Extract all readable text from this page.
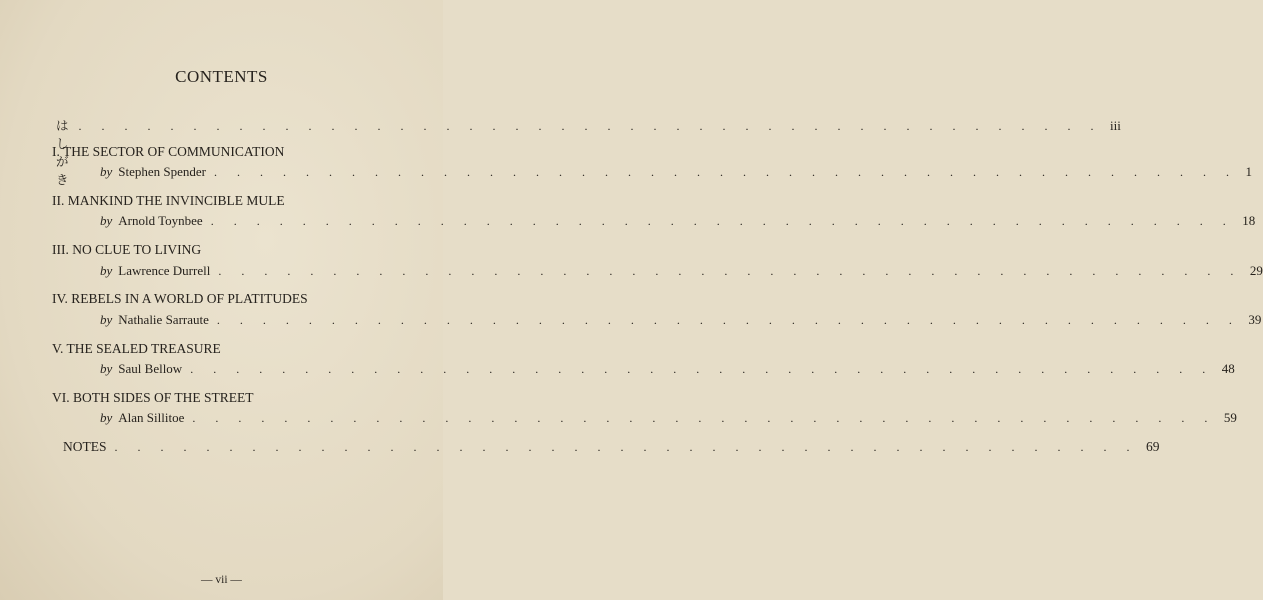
CONTENTS
はしがき
. . . . . . . . . . . . . . . . . . . . . . . . . . . . . . . . . . . . . . . . . . . . . iii
I. THE SECTOR OF COMMUNICATION
by Stephen Spender . . . . . . . . . . . . . . . . . . . . . . . . . . . . . . . . . . . . . . . . . . . . . 1
II. MANKIND THE INVINCIBLE MULE
by Arnold Toynbee . . . . . . . . . . . . . . . . . . . . . . . . . . . . . . . . . . . . . . . . . . . . . 18
III. NO CLUE TO LIVING
by Lawrence Durrell . . . . . . . . . . . . . . . . . . . . . . . . . . . . . . . . . . . . . . . . . . . . . 29
IV. REBELS IN A WORLD OF PLATITUDES
by Nathalie Sarraute . . . . . . . . . . . . . . . . . . . . . . . . . . . . . . . . . . . . . . . . . . . . . 39
V. THE SEALED TREASURE
by Saul Bellow . . . . . . . . . . . . . . . . . . . . . . . . . . . . . . . . . . . . . . . . . . . . . 48
VI. BOTH SIDES OF THE STREET
by Alan Sillitoe . . . . . . . . . . . . . . . . . . . . . . . . . . . . . . . . . . . . . . . . . . . . . 59
NOTES . . . . . . . . . . . . . . . . . . . . . . . . . . . . . . . . . . . . . . . . . . . . . 69
— vii —
